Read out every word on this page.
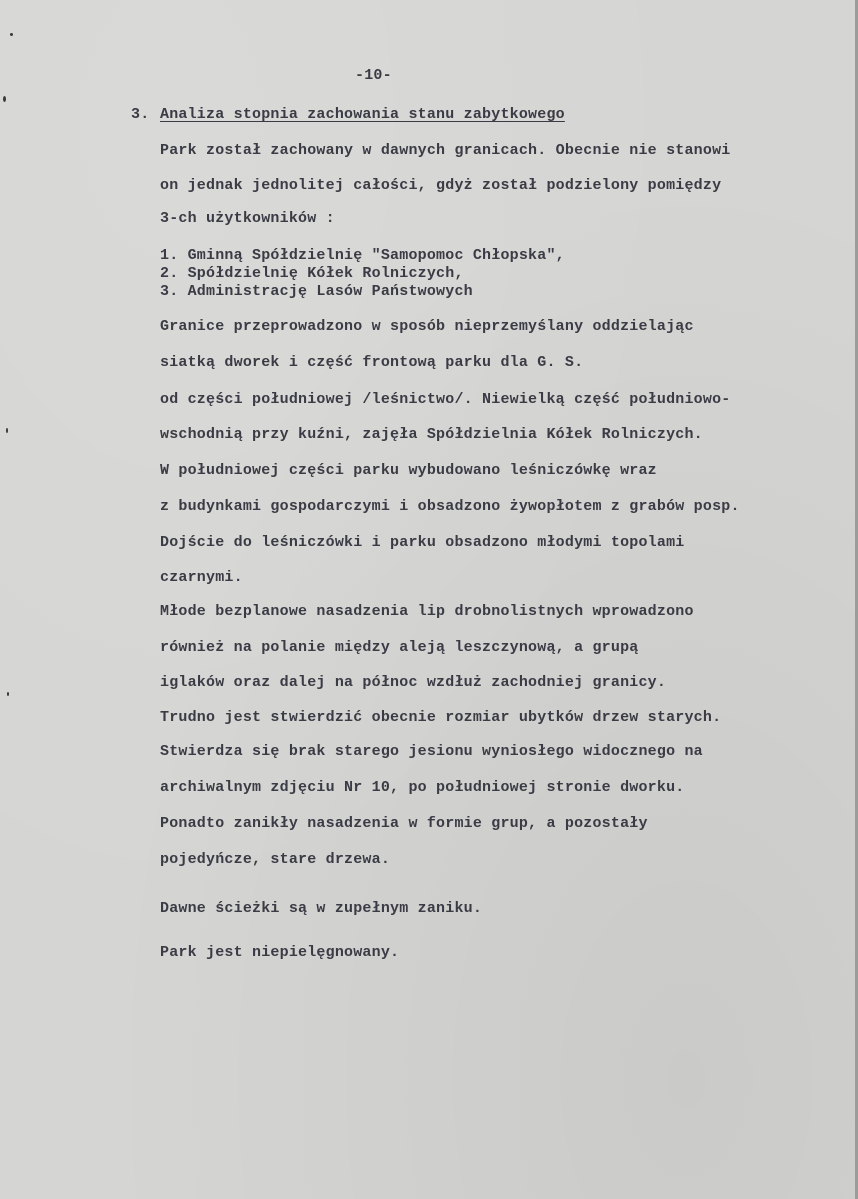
-10-
3. Analiza stopnia zachowania stanu zabytkowego
Park został zachowany w dawnych granicach. Obecnie nie stanowi
on jednak jednolitej całości, gdyż został podzielony pomiędzy
3-ch użytkowników :
1. Gminną Spółdzielnię "Samopomoc Chłopska",
2. Spółdzielnię Kółek Rolniczych,
3. Administrację Lasów Państwowych
Granice przeprowadzono w sposób nieprzemyślany oddzielając
siatką dworek i część frontową parku dla G. S.
od części południowej /leśnictwo/. Niewielką część południowo-
wschodnią przy kuźni, zajęła Spółdzielnia Kółek Rolniczych.
W południowej części parku wybudowano leśniczówkę wraz
z budynkami gospodarczymi i obsadzono żywopłotem z grabów posp.
Dojście do leśniczówki i parku obsadzono młodymi topolami
czarnymi.
Młode bezplanowe nasadzenia lip drobnolistnych wprowadzono
również na polanie między aleją leszczynową, a grupą
iglaków oraz dalej na północ wzdłuż zachodniej granicy.
Trudno jest stwierdzić obecnie rozmiar ubytków drzew starych.
Stwierdza się brak starego jesionu wyniosłego widocznego na
archiwalnym zdjęciu Nr 10, po południowej stronie dworku.
Ponadto zanikły nasadzenia w formie grup, a pozostały
pojedyńcze, stare drzewa.
Dawne ścieżki są w zupełnym zaniku.
Park jest niepielęgnowany.
